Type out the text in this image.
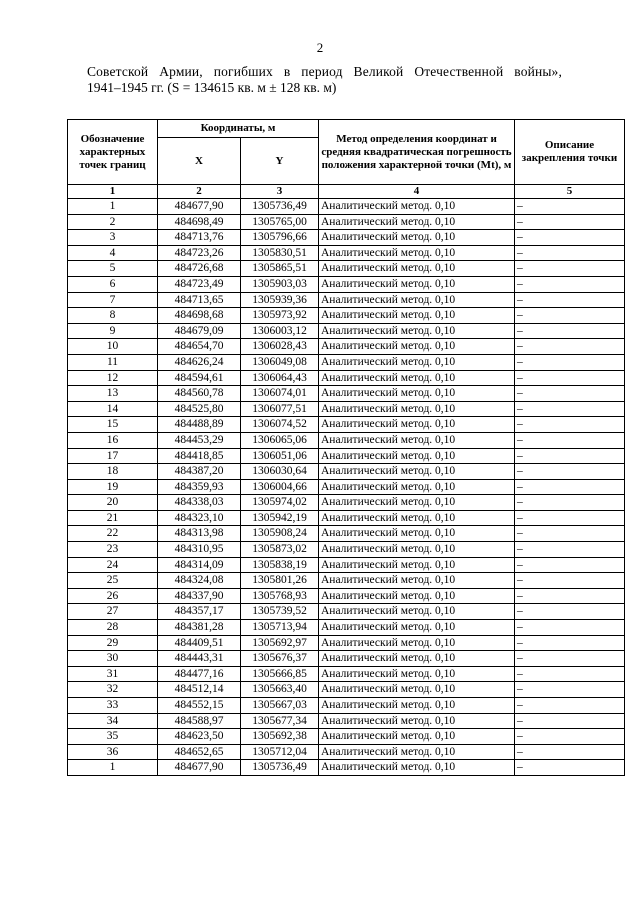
2
Советской Армии, погибших в период Великой Отечественной войны»,
1941–1945 гг. (S = 134615 кв. м ± 128 кв. м)
Обозначение характерных точек границ	Координаты, м		Метод определения координат и средняя квадратическая погрешность положения характерной точки (Mt), м	Описание закрепления точки
	X	Y		
1	2	3	4	5
1	484677,90	1305736,49	Аналитический метод. 0,10	–
2	484698,49	1305765,00	Аналитический метод. 0,10	–
3	484713,76	1305796,66	Аналитический метод. 0,10	–
4	484723,26	1305830,51	Аналитический метод. 0,10	–
5	484726,68	1305865,51	Аналитический метод. 0,10	–
6	484723,49	1305903,03	Аналитический метод. 0,10	–
7	484713,65	1305939,36	Аналитический метод. 0,10	–
8	484698,68	1305973,92	Аналитический метод. 0,10	–
9	484679,09	1306003,12	Аналитический метод. 0,10	–
10	484654,70	1306028,43	Аналитический метод. 0,10	–
11	484626,24	1306049,08	Аналитический метод. 0,10	–
12	484594,61	1306064,43	Аналитический метод. 0,10	–
13	484560,78	1306074,01	Аналитический метод. 0,10	–
14	484525,80	1306077,51	Аналитический метод. 0,10	–
15	484488,89	1306074,52	Аналитический метод. 0,10	–
16	484453,29	1306065,06	Аналитический метод. 0,10	–
17	484418,85	1306051,06	Аналитический метод. 0,10	–
18	484387,20	1306030,64	Аналитический метод. 0,10	–
19	484359,93	1306004,66	Аналитический метод. 0,10	–
20	484338,03	1305974,02	Аналитический метод. 0,10	–
21	484323,10	1305942,19	Аналитический метод. 0,10	–
22	484313,98	1305908,24	Аналитический метод. 0,10	–
23	484310,95	1305873,02	Аналитический метод. 0,10	–
24	484314,09	1305838,19	Аналитический метод. 0,10	–
25	484324,08	1305801,26	Аналитический метод. 0,10	–
26	484337,90	1305768,93	Аналитический метод. 0,10	–
27	484357,17	1305739,52	Аналитический метод. 0,10	–
28	484381,28	1305713,94	Аналитический метод. 0,10	–
29	484409,51	1305692,97	Аналитический метод. 0,10	–
30	484443,31	1305676,37	Аналитический метод. 0,10	–
31	484477,16	1305666,85	Аналитический метод. 0,10	–
32	484512,14	1305663,40	Аналитический метод. 0,10	–
33	484552,15	1305667,03	Аналитический метод. 0,10	–
34	484588,97	1305677,34	Аналитический метод. 0,10	–
35	484623,50	1305692,38	Аналитический метод. 0,10	–
36	484652,65	1305712,04	Аналитический метод. 0,10	–
1	484677,90	1305736,49	Аналитический метод. 0,10	–
